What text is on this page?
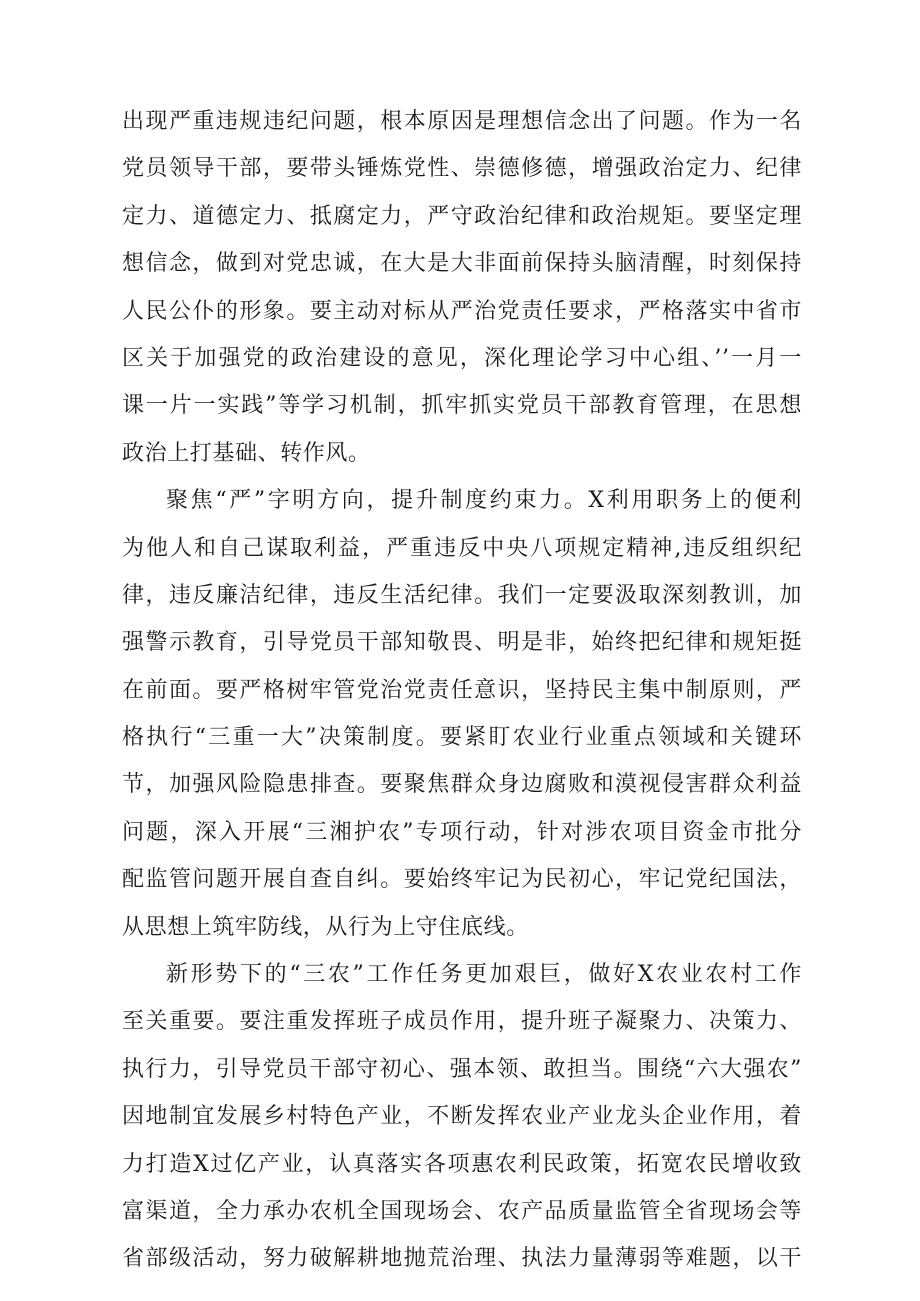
出现严重违规违纪问题，根本原因是理想信念出了问题。作为一名
党员领导干部，要带头锤炼党性、崇德修德，增强政治定力、纪律
定力、道德定力、抵腐定力，严守政治纪律和政治规矩。要坚定理
想信念，做到对党忠诚，在大是大非面前保持头脑清醒，时刻保持
人民公仆的形象。要主动对标从严治党责任要求，严格落实中省市
区关于加强党的政治建设的意见，深化理论学习中心组、’’一月一
课一片一实践”等学习机制，抓牢抓实党员干部教育管理，在思想
政治上打基础、转作风。
聚焦“严”字明方向，提升制度约束力。X利用职务上的便利
为他人和自己谋取利益，严重违反中央八项规定精神,违反组织纪
律，违反廉洁纪律，违反生活纪律。我们一定要汲取深刻教训，加
强警示教育，引导党员干部知敬畏、明是非，始终把纪律和规矩挺
在前面。要严格树牢管党治党责任意识，坚持民主集中制原则，严
格执行“三重一大”决策制度。要紧盯农业行业重点领域和关键环
节，加强风险隐患排查。要聚焦群众身边腐败和漠视侵害群众利益
问题，深入开展“三湘护农”专项行动，针对涉农项目资金市批分
配监管问题开展自查自纠。要始终牢记为民初心，牢记党纪国法，
从思想上筑牢防线，从行为上守住底线。
新形势下的“三农”工作任务更加艰巨，做好X农业农村工作
至关重要。要注重发挥班子成员作用，提升班子凝聚力、决策力、
执行力，引导党员干部守初心、强本领、敢担当。围绕“六大强农”
因地制宜发展乡村特色产业，不断发挥农业产业龙头企业作用，着
力打造X过亿产业，认真落实各项惠农利民政策，拓宽农民增收致
富渠道，全力承办农机全国现场会、农产品质量监管全省现场会等
省部级活动，努力破解耕地抛荒治理、执法力量薄弱等难题，以干
